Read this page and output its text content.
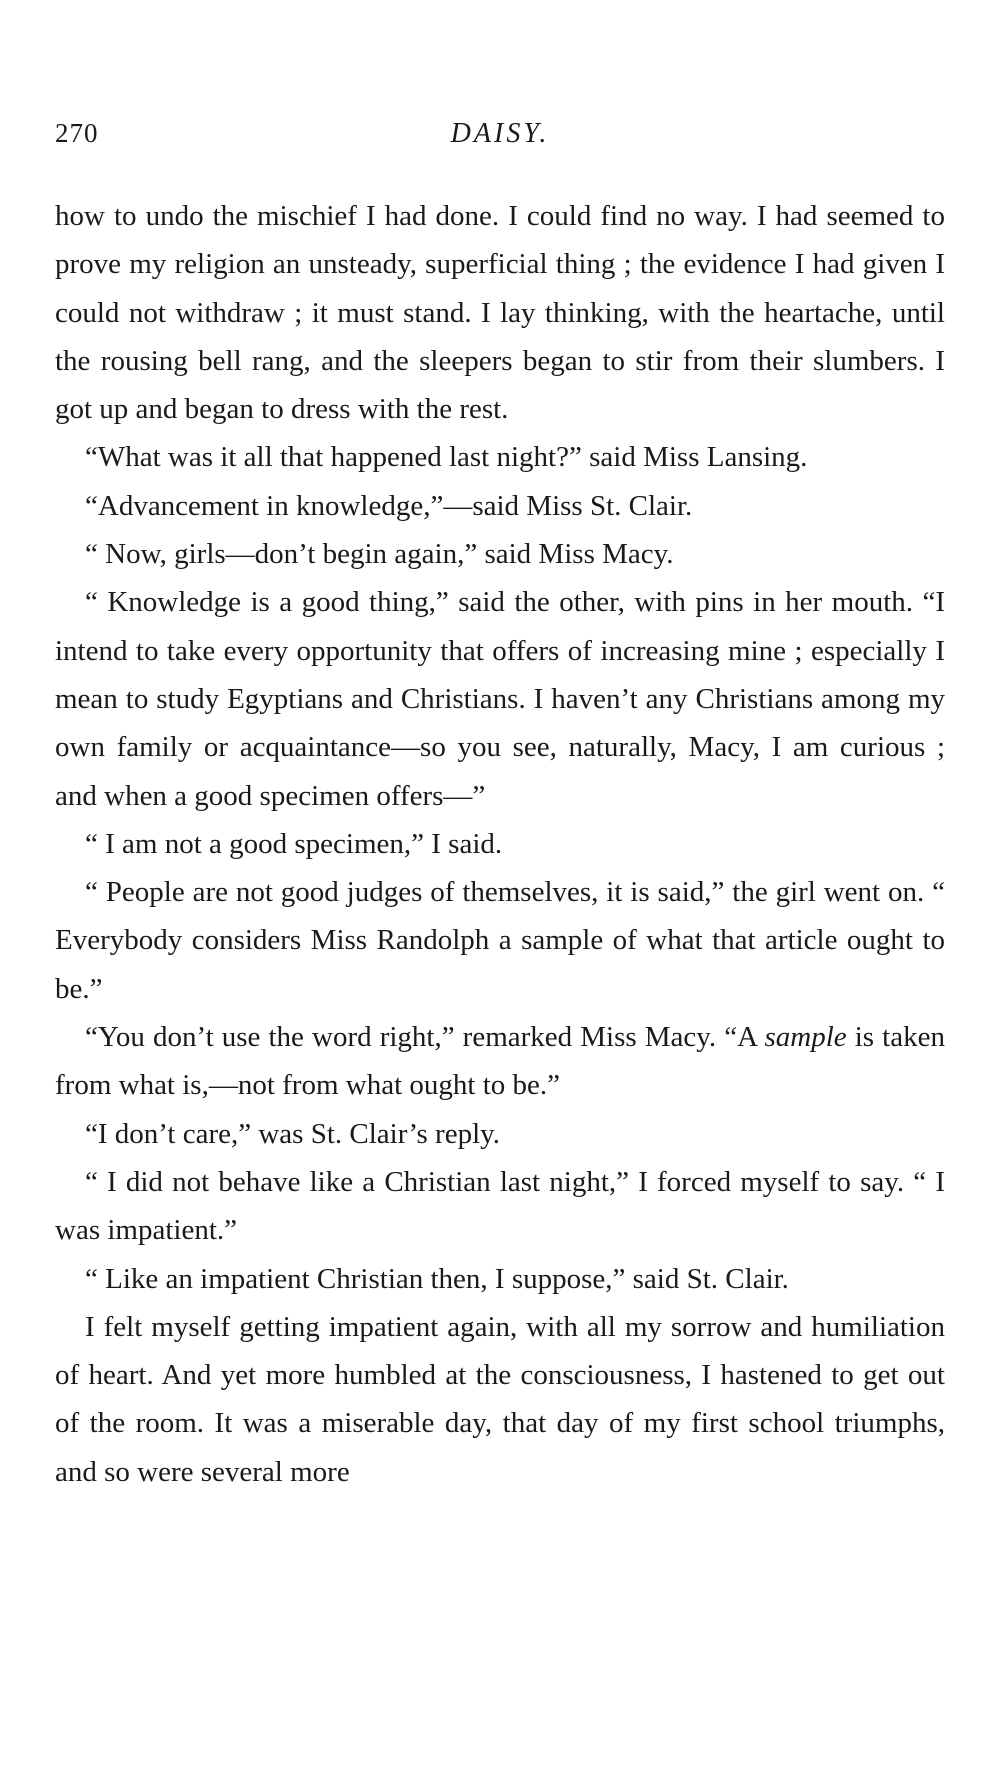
270	DAISY.

how to undo the mischief I had done. I could find no way. I had seemed to prove my religion an unsteady, superficial thing ; the evidence I had given I could not withdraw ; it must stand. I lay thinking, with the heartache, until the rousing bell rang, and the sleepers began to stir from their slumbers. I got up and began to dress with the rest.

“What was it all that happened last night?” said Miss Lansing.

“Advancement in knowledge,”—said Miss St. Clair.

“ Now, girls—don’t begin again,” said Miss Macy.

“ Knowledge is a good thing,” said the other, with pins in her mouth. “I intend to take every opportunity that offers of increasing mine ; especially I mean to study Egyptians and Christians. I haven’t any Christians among my own family or acquaintance—so you see, naturally, Macy, I am curious ; and when a good specimen offers—”

“ I am not a good specimen,” I said.

“ People are not good judges of themselves, it is said,” the girl went on. “ Everybody considers Miss Randolph a sample of what that article ought to be.”

“You don’t use the word right,” remarked Miss Macy. “A sample is taken from what is,—not from what ought to be.”

“I don’t care,” was St. Clair’s reply.

“ I did not behave like a Christian last night,” I forced myself to say. “ I was impatient.”

“ Like an impatient Christian then, I suppose,” said St. Clair.

I felt myself getting impatient again, with all my sorrow and humiliation of heart. And yet more humbled at the consciousness, I hastened to get out of the room. It was a miserable day, that day of my first school triumphs, and so were several more
